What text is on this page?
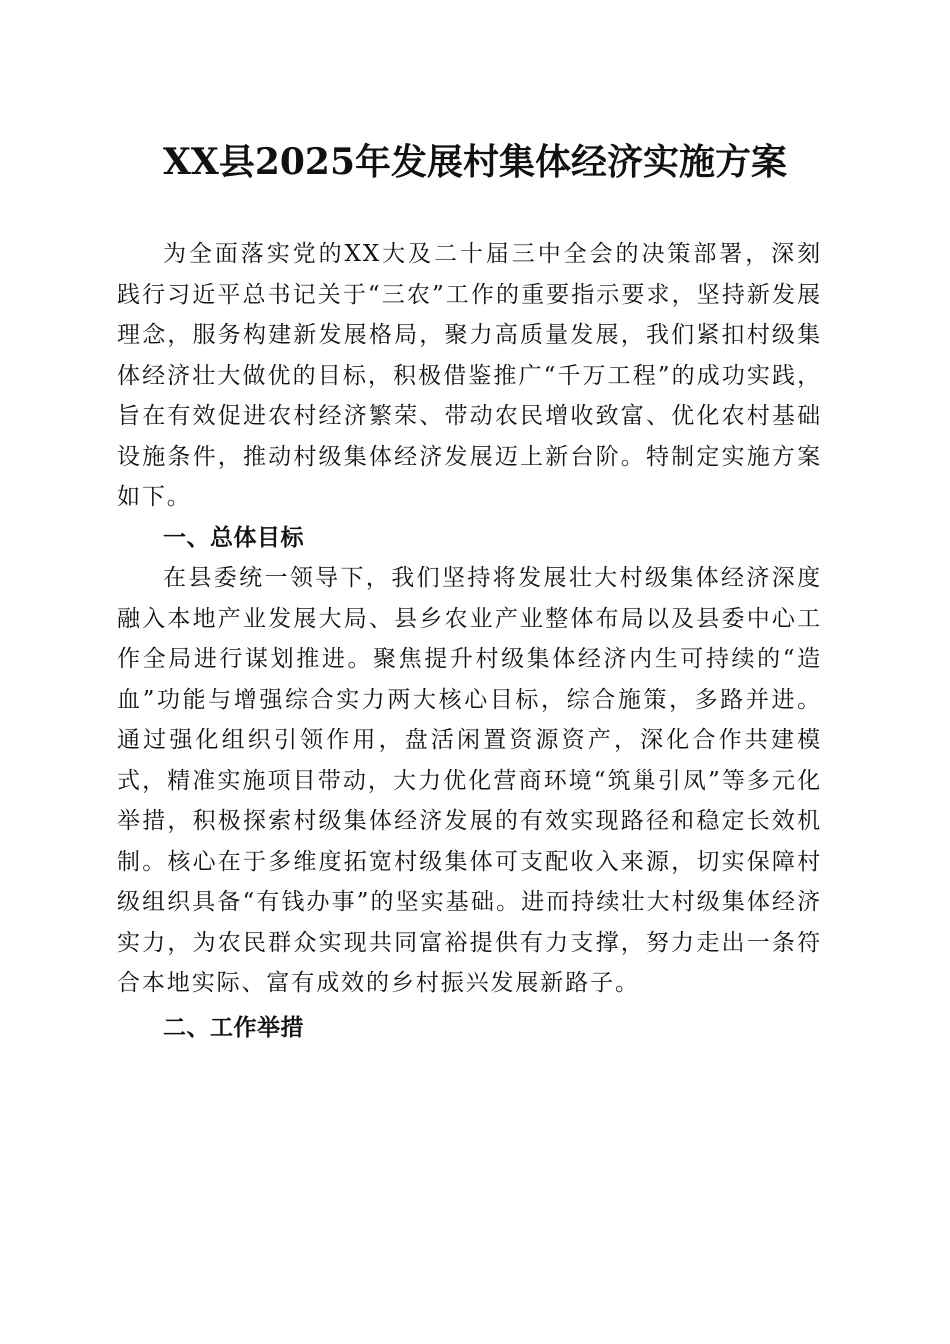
XX县2025年发展村集体经济实施方案

为全面落实党的XX大及二十届三中全会的决策部署，深刻践行习近平总书记关于“三农”工作的重要指示要求，坚持新发展理念，服务构建新发展格局，聚力高质量发展，我们紧扣村级集体经济壮大做优的目标，积极借鉴推广“千万工程”的成功实践，旨在有效促进农村经济繁荣、带动农民增收致富、优化农村基础设施条件，推动村级集体经济发展迈上新台阶。特制定实施方案如下。

一、总体目标

在县委统一领导下，我们坚持将发展壮大村级集体经济深度融入本地产业发展大局、县乡农业产业整体布局以及县委中心工作全局进行谋划推进。聚焦提升村级集体经济内生可持续的“造血”功能与增强综合实力两大核心目标，综合施策，多路并进。通过强化组织引领作用，盘活闲置资源资产，深化合作共建模式，精准实施项目带动，大力优化营商环境“筑巢引凤”等多元化举措，积极探索村级集体经济发展的有效实现路径和稳定长效机制。核心在于多维度拓宽村级集体可支配收入来源，切实保障村级组织具备“有钱办事”的坚实基础。进而持续壮大村级集体经济实力，为农民群众实现共同富裕提供有力支撑，努力走出一条符合本地实际、富有成效的乡村振兴发展新路子。

二、工作举措
